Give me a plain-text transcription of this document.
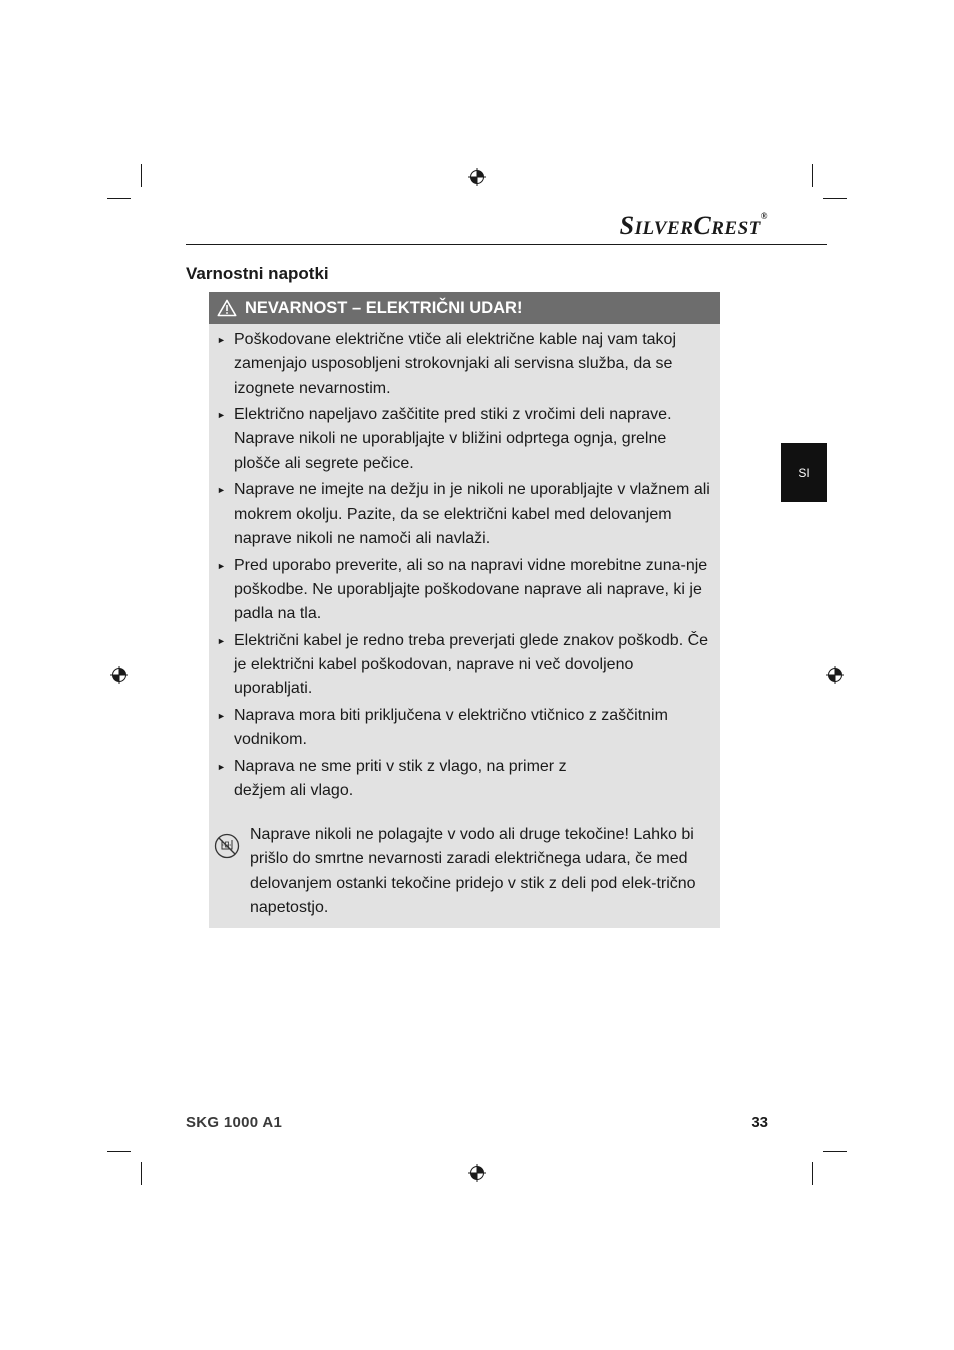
SILVERCREST®
Varnostni napotki
NEVARNOST – ELEKTRIČNI UDAR!
► Poškodovane električne vtiče ali električne kable naj vam takoj zamenjajo usposobljeni strokovnjaki ali servisna služba, da se izognete nevarnostim.
► Električno napeljavo zaščitite pred stiki z vročimi deli naprave. Naprave nikoli ne uporabljajte v bližini odprtega ognja, grelne plošče ali segrete pečice.
► Naprave ne imejte na dežju in je nikoli ne uporabljajte v vlažnem ali mokrem okolju. Pazite, da se električni kabel med delovanjem naprave nikoli ne namoči ali navlaži.
► Pred uporabo preverite, ali so na napravi vidne morebitne zuna-nje poškodbe. Ne uporabljajte poškodovane naprave ali naprave, ki je padla na tla.
► Električni kabel je redno treba preverjati glede znakov poškodb. Če je električni kabel poškodovan, naprave ni več dovoljeno uporabljati.
► Naprava mora biti priključena v električno vtičnico z zaščitnim vodnikom.
► Naprava ne sme priti v stik z vlago, na primer z dežjem ali vlago.
Naprave nikoli ne polagajte v vodo ali druge tekočine! Lahko bi prišlo do smrtne nevarnosti zaradi električnega udara, če med delovanjem ostanki tekočine pridejo v stik z deli pod elek-trično napetostjo.
SI
SKG 1000 A1	33
